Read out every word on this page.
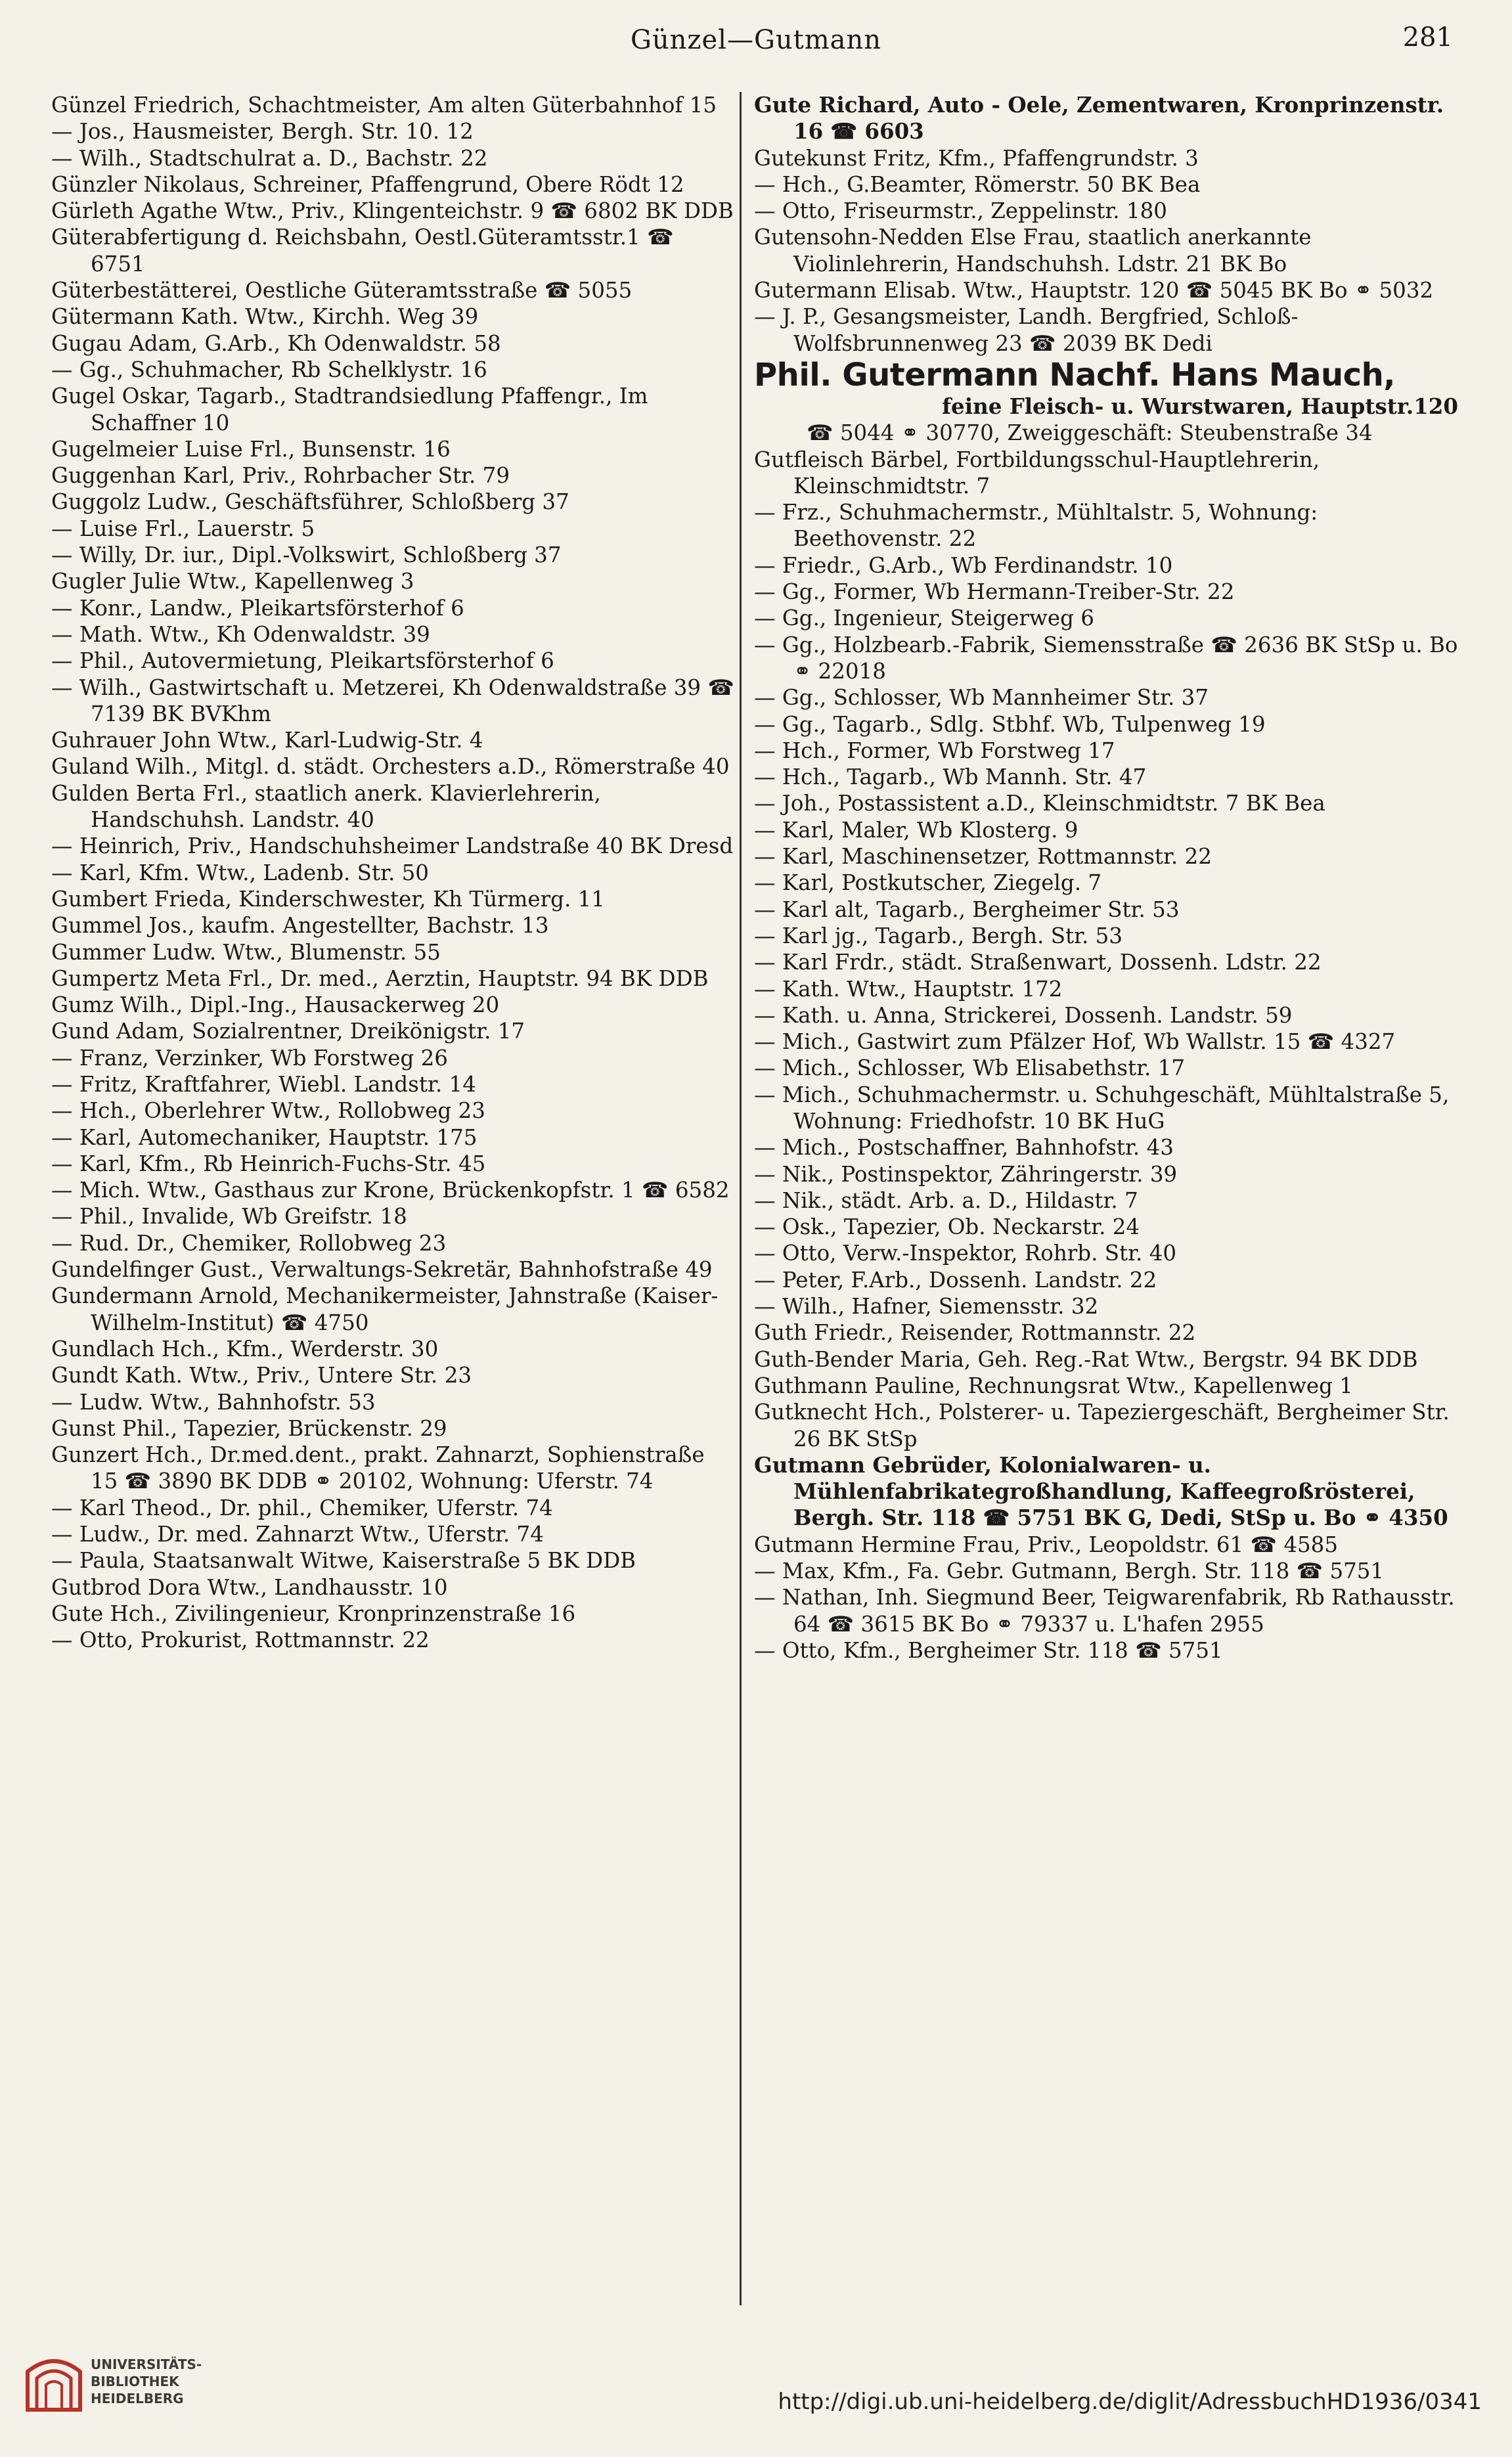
Günzel—Gutmann	281

Günzel Friedrich, Schachtmeister, Am alten Güterbahnhof 15

— Jos., Hausmeister, Bergh. Str. 10. 12

— Wilh., Stadtschulrat a. D., Bachstr. 22

Günzler Nikolaus, Schreiner, Pfaffengrund, Obere Rödt 12

Gürleth Agathe Wtw., Priv., Klingenteichstr. 9 ☎ 6802 BK DDB

Güterabfertigung d. Reichsbahn, Oestl.Güteramtsstr.1 ☎ 6751

Güterbestätterei, Oestliche Güteramtsstraße ☎ 5055

Gütermann Kath. Wtw., Kirchh. Weg 39

Gugau Adam, G.Arb., Kh Odenwaldstr. 58

— Gg., Schuhmacher, Rb Schelklystr. 16

Gugel Oskar, Tagarb., Stadtrandsiedlung Pfaffengr., Im Schaffner 10

Gugelmeier Luise Frl., Bunsenstr. 16

Guggenhan Karl, Priv., Rohrbacher Str. 79

Guggolz Ludw., Geschäftsführer, Schloßberg 37

— Luise Frl., Lauerstr. 5

— Willy, Dr. iur., Dipl.-Volkswirt, Schloßberg 37

Gugler Julie Wtw., Kapellenweg 3

— Konr., Landw., Pleikartsförsterhof 6

— Math. Wtw., Kh Odenwaldstr. 39

— Phil., Autovermietung, Pleikartsförsterhof 6

— Wilh., Gastwirtschaft u. Metzerei, Kh Odenwaldstraße 39 ☎ 7139 BK BVKhm

Guhrauer John Wtw., Karl-Ludwig-Str. 4

Guland Wilh., Mitgl. d. städt. Orchesters a.D., Römerstraße 40

Gulden Berta Frl., staatlich anerk. Klavierlehrerin, Handschuhsh. Landstr. 40

— Heinrich, Priv., Handschuhsheimer Landstraße 40 BK Dresd

— Karl, Kfm. Wtw., Ladenb. Str. 50

Gumbert Frieda, Kinderschwester, Kh Türmerg. 11

Gummel Jos., kaufm. Angestellter, Bachstr. 13

Gummer Ludw. Wtw., Blumenstr. 55

Gumpertz Meta Frl., Dr. med., Aerztin, Hauptstr. 94 BK DDB

Gumz Wilh., Dipl.-Ing., Hausackerweg 20

Gund Adam, Sozialrentner, Dreikönigstr. 17

— Franz, Verzinker, Wb Forstweg 26

— Fritz, Kraftfahrer, Wiebl. Landstr. 14

— Hch., Oberlehrer Wtw., Rollobweg 23

— Karl, Automechaniker, Hauptstr. 175

— Karl, Kfm., Rb Heinrich-Fuchs-Str. 45

— Mich. Wtw., Gasthaus zur Krone, Brückenkopfstr. 1 ☎ 6582

— Phil., Invalide, Wb Greifstr. 18

— Rud. Dr., Chemiker, Rollobweg 23

Gundelfinger Gust., Verwaltungs-Sekretär, Bahnhofstraße 49

Gundermann Arnold, Mechanikermeister, Jahnstraße (Kaiser-Wilhelm-Institut) ☎ 4750

Gundlach Hch., Kfm., Werderstr. 30

Gundt Kath. Wtw., Priv., Untere Str. 23

— Ludw. Wtw., Bahnhofstr. 53

Gunst Phil., Tapezier, Brückenstr. 29

Gunzert Hch., Dr.med.dent., prakt. Zahnarzt, Sophienstraße 15 ☎ 3890 BK DDB ⚭ 20102, Wohnung: Uferstr. 74

— Karl Theod., Dr. phil., Chemiker, Uferstr. 74

— Ludw., Dr. med. Zahnarzt Wtw., Uferstr. 74

— Paula, Staatsanwalt Witwe, Kaiserstraße 5 BK DDB

Gutbrod Dora Wtw., Landhausstr. 10

Gute Hch., Zivilingenieur, Kronprinzenstraße 16

— Otto, Prokurist, Rottmannstr. 22

Gute Richard, Auto - Oele, Zementwaren, Kronprinzenstr. 16 ☎ 6603

Gutekunst Fritz, Kfm., Pfaffengrundstr. 3

— Hch., G.Beamter, Römerstr. 50 BK Bea

— Otto, Friseurmstr., Zeppelinstr. 180

Gutensohn-Nedden Else Frau, staatlich anerkannte Violinlehrerin, Handschuhsh. Ldstr. 21 BK Bo

Gutermann Elisab. Wtw., Hauptstr. 120 ☎ 5045 BK Bo ⚭ 5032

— J. P., Gesangsmeister, Landh. Bergfried, Schloß-Wolfsbrunnenweg 23 ☎ 2039 BK Dedi

Phil. Gutermann Nachf. Hans Mauch,

feine Fleisch- u. Wurstwaren, Hauptstr.120

☎ 5044 ⚭ 30770, Zweiggeschäft: Steubenstraße 34

Gutfleisch Bärbel, Fortbildungsschul-Hauptlehrerin, Kleinschmidtstr. 7

— Frz., Schuhmachermstr., Mühltalstr. 5, Wohnung: Beethovenstr. 22

— Friedr., G.Arb., Wb Ferdinandstr. 10

— Gg., Former, Wb Hermann-Treiber-Str. 22

— Gg., Ingenieur, Steigerweg 6

— Gg., Holzbearb.-Fabrik, Siemensstraße ☎ 2636 BK StSp u. Bo ⚭ 22018

— Gg., Schlosser, Wb Mannheimer Str. 37

— Gg., Tagarb., Sdlg. Stbhf. Wb, Tulpenweg 19

— Hch., Former, Wb Forstweg 17

— Hch., Tagarb., Wb Mannh. Str. 47

— Joh., Postassistent a.D., Kleinschmidtstr. 7 BK Bea

— Karl, Maler, Wb Klosterg. 9

— Karl, Maschinensetzer, Rottmannstr. 22

— Karl, Postkutscher, Ziegelg. 7

— Karl alt, Tagarb., Bergheimer Str. 53

— Karl jg., Tagarb., Bergh. Str. 53

— Karl Frdr., städt. Straßenwart, Dossenh. Ldstr. 22

— Kath. Wtw., Hauptstr. 172

— Kath. u. Anna, Strickerei, Dossenh. Landstr. 59

— Mich., Gastwirt zum Pfälzer Hof, Wb Wallstr. 15 ☎ 4327

— Mich., Schlosser, Wb Elisabethstr. 17

— Mich., Schuhmachermstr. u. Schuhgeschäft, Mühltalstraße 5, Wohnung: Friedhofstr. 10 BK HuG

— Mich., Postschaffner, Bahnhofstr. 43

— Nik., Postinspektor, Zähringerstr. 39

— Nik., städt. Arb. a. D., Hildastr. 7

— Osk., Tapezier, Ob. Neckarstr. 24

— Otto, Verw.-Inspektor, Rohrb. Str. 40

— Peter, F.Arb., Dossenh. Landstr. 22

— Wilh., Hafner, Siemensstr. 32

Guth Friedr., Reisender, Rottmannstr. 22

Guth-Bender Maria, Geh. Reg.-Rat Wtw., Bergstr. 94 BK DDB

Guthmann Pauline, Rechnungsrat Wtw., Kapellenweg 1

Gutknecht Hch., Polsterer- u. Tapeziergeschäft, Bergheimer Str. 26 BK StSp

Gutmann Gebrüder, Kolonialwaren- u. Mühlenfabrikategroßhandlung, Kaffeegroßrösterei, Bergh. Str. 118 ☎ 5751 BK G, Dedi, StSp u. Bo ⚭ 4350

Gutmann Hermine Frau, Priv., Leopoldstr. 61 ☎ 4585

— Max, Kfm., Fa. Gebr. Gutmann, Bergh. Str. 118 ☎ 5751

— Nathan, Inh. Siegmund Beer, Teigwarenfabrik, Rb Rathausstr. 64 ☎ 3615 BK Bo ⚭ 79337 u. L'hafen 2955

— Otto, Kfm., Bergheimer Str. 118 ☎ 5751

UNIVERSITÄTS-
BIBLIOTHEK
HEIDELBERG	http://digi.ub.uni-heidelberg.de/diglit/AdressbuchHD1936/0341
